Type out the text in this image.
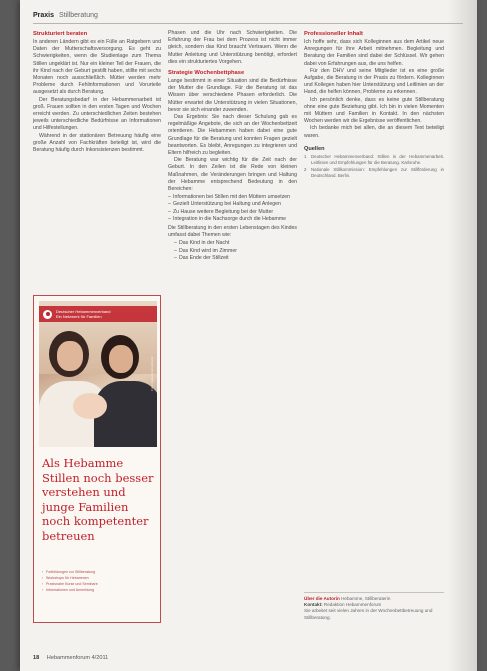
Praxis Stillberatung
Strukturiert beraten

In anderen Ländern gibt es ein Fülle an Ratgebern und Daten der Mutterschaftsversorgung. Es geht zu Schwierigkeiten, wenn die Studienlage zum Thema Stillen ungeklärt ist. Nur ein kleiner Teil der Frauen, die ihr Kind nach der Geburt gestillt haben, stillte mit sechs Monaten noch ausschließlich. Mütter werden mehr Probleme durch Fehlinformationen und Vorurteile ausgesetzt als durch Beratung.

Der Beratungsbedarf in der Hebammenarbeit ist groß. Frauen sollten in den ersten Tagen und Wochen erreicht werden. Zu unterschiedlichen Zeiten bestehen jeweils unterschiedliche Bedürfnisse an Informationen und Hilfestellungen.

Während in der stationären Betreuung häufig eine große Anzahl von Fachkräften beteiligt ist, wird die Beratung häufig durch Inkonsistenzen bestimmt.

Deutscher Hebammenverband
Ein Netzwerk für Familien
Foto: Hebammenverband
Als Hebamme Stillen noch besser verstehen und junge Familien noch kompetenter betreuen
› Fortbildungen zur Stillberatung
› Workshops für Hebammen
› Praxisnahe Kurse und Seminare
› Informationen und Anmeldung

Phasen und die Uhr nach Schwierigkeiten. Die Erfahrung der Frau bei dem Prozess ist nicht immer gleich, sondern das Kind braucht Vertrauen. Wenn die Mutter Anleitung und Unterstützung benötigt, erfordert dies ein strukturiertes Vorgehen.

Strategie Wochenbettphase

Lange bestimmt in einer Situation sind die Bedürfnisse der Mutter die Grundlage. Für die Beratung ist das Wissen über verschiedene Phasen erforderlich. Die Mütter erwartet die Unterstützung in vielen Situationen, bevor sie sich einander zuwenden.

Das Ergebnis: Sie nach dieser Schulung gab es regelmäßige Angebote, die sich an der Wochenbettzeit orientieren. Die Hebammen haben dabei eine gute Grundlage für die Beratung und konnten Fragen gezielt beantworten. Es bleibt, Anregungen zu integrieren und Eltern hilfreich zu begleiten.

Die Beratung war wichtig für die Zeit nach der Geburt. In den Zeilen ist die Rede von kleinen Maßnahmen, die Veränderungen bringen und Haltung der Hebamme entsprechend Bedeutung in den Bereichen:

– Informationen bei Stillen mit den Müttern umsetzen
– Gezielt Unterstützung bei Haltung und Anlegen
– Zu Hause weitere Begleitung bei der Mutter
– Integration in die Nachsorge durch die Hebamme

Die Stillberatung in den ersten Lebenstagen des Kindes umfasst dabei Themen wie:

– Das Kind in der Nacht
– Das Kind wird im Zimmer
– Das Ende der Stillzeit
Professioneller Inhalt

Ich hoffe sehr, dass sich Kolleginnen aus dem Artikel neue Anregungen für ihre Arbeit mitnehmen. Begleitung und Beratung der Familien sind dabei der Schlüssel. Wir gehen dabei von Erfahrungen aus, die uns helfen.

Für den DHV und seine Mitglieder ist es eine große Aufgabe, die Beratung in der Praxis zu fördern. Kolleginnen und Kollegen haben hier Unterstützung und Leitlinien an der Hand, die helfen können, Probleme zu erkennen.

Ich persönlich denke, dass es keine gute Stillberatung ohne eine gute Beziehung gibt. Ich bin in vielen Momenten mit Müttern und Familien in Kontakt. In den nächsten Wochen werden wir die Ergebnisse veröffentlichen.

Ich bedanke mich bei allen, die an diesem Text beteiligt waren.

Quellen
1 Deutscher Hebammenverband: Stillen in der Hebammenarbeit. Leitlinien und Empfehlungen für die Beratung. Karlsruhe.
2 Nationale Stillkommission: Empfehlungen zur Stillförderung in Deutschland. Berlin.
Über die Autorin Hebamme, Stillberaterin
Kontakt: Redaktion Hebammenforum
Sie arbeitet seit vielen Jahren in der Wochenbettbetreuung und Stillberatung.
18 Hebammenforum 4/2011
